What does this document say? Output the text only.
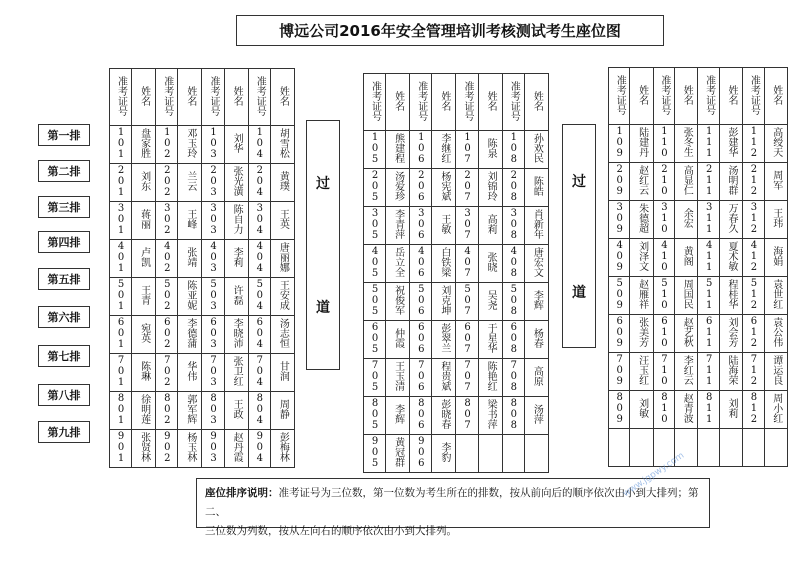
博远公司2016年安全管理培训考核测试考生座位图
第一排
第二排
第三排
第四排
第五排
第六排
第七排
第八排
第九排
准考证号	姓名	准考证号	姓名	准考证号	姓名	准考证号	姓名
101	盘家胜	102	邓玉玲	103	刘华	104	胡雪松
201	刘东	202	兰云	203	张光潢	204	黄璞
301	蒋丽	302	王峰	303	陈自力	304	王英
401	卢凯	402	张靖	403	李莉	404	唐丽娜
501	王青	502	陈亚妮	503	许磊	504	王安成
601	宛英	602	李德蒲	603	李晓沛	604	汤志恒
701	陈琳	702	华伟	703	张卫红	704	甘润
801	徐明莲	802	郭军辉	803	王政	804	周静
901	张贤林	902	杨玉林	903	赵丹霞	904	彭梅林
准考证号	姓名	准考证号	姓名	准考证号	姓名	准考证号	姓名
105	熊建程	106	李继红	107	陈泉	108	孙欢民
205	汤爱珍	206	杨宪斌	207	刘锦玲	208	陈皓
305	李青萍	306	王敏	307	高莉	308	肖新年
405	岳立全	406	白铁梁	407	张晓	408	唐宏文
505	祝俊军	506	刘克坤	507	吴尧	508	李辉
605	仲霞	606	彭翠兰	607	于星华	608	杨春
705	王玉清	706	程贵斌	707	陈艳红	708	高原
805	李辉	806	彭晓春	807	梁书萍	808	汤萍
905	黄冠群	906	李豹				
准考证号	姓名	准考证号	姓名	准考证号	姓名	准考证号	姓名
109	陆建丹	110	张冬生	111	彭建华	112	高绶天
209	赵红云	210	高显仁	211	汤明群	212	周军
309	朱德超	310	余宏	311	万春久	312	王玮
409	刘泽文	410	黄阁	411	夏术敏	412	海娟
509	赵雁祥	510	周国民	511	程桂华	512	袁世红
609	张美芳	610	赵艺秋	611	刘会芳	612	袁公伟
709	汪玉红	710	李红云	711	陆海荣	712	谭运良
809	刘敏	810	赵青波	811	刘莉	812	周小红

过
道
过
道
座位排序说明：准考证号为三位数，第一位数为考生所在的排数，按从前向后的顺序依次由小到大排列；第二、
三位数为列数，按从左向右的顺序依次由小到大排列。
www.jgpwy.com
